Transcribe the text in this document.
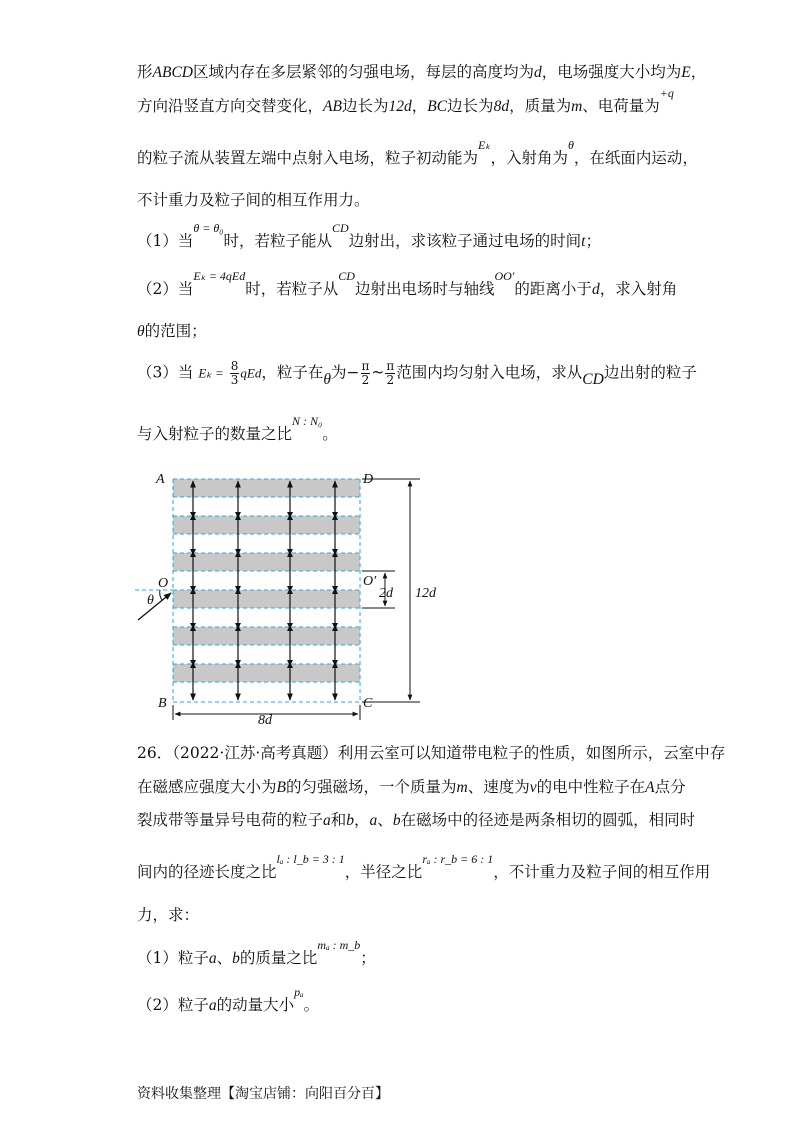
形ABCD区域内存在多层紧邻的匀强电场，每层的高度均为d，电场强度大小均为E，
方向沿竖直方向交替变化，AB边长为12d，BC边长为8d，质量为m、电荷量为$^{+q}$
的粒子流从装置左端中点射入电场，粒子初动能为$^{E_k}$，入射角为$^\theta$，在纸面内运动，
不计重力及粒子间的相互作用力。
（1）当$^{\theta = \theta_0}$时，若粒子能从$^{CD}$边射出，求该粒子通过电场的时间t；
（2）当$^{E_k = 4qEd}$时，若粒子从$^{CD}$边射出电场时与轴线$^{OO'}$的距离小于d，求入射角
θ的范围；
（3）当 $E_k = \frac{8}{3}$ qEd，粒子在θ为− $\frac{\pi}{2}$ ~ $\frac{\pi}{2}$ 范围内均匀射入电场，求从CD边出射的粒子
与入射粒子的数量之比$^{N : N_0}$。
A	D
B	C
O	O′
θ	2d 12d
8d
26．（2022·江苏·高考真题）利用云室可以知道带电粒子的性质，如图所示，云室中存
在磁感应强度大小为B的匀强磁场，一个质量为m、速度为v的电中性粒子在A点分
裂成带等量异号电荷的粒子a和b，a、b在磁场中的径迹是两条相切的圆弧，相同时
间内的径迹长度之比$^{l_a : l\_b = 3 : 1}$，半径之比$^{r_a : r\_b = 6 : 1}$，不计重力及粒子间的相互作用
力，求：
（1）粒子a、b的质量之比$^{m_a : m\_b}$；
（2）粒子a的动量大小$^{p_a}$。
资料收集整理【淘宝店铺：向阳百分百】
